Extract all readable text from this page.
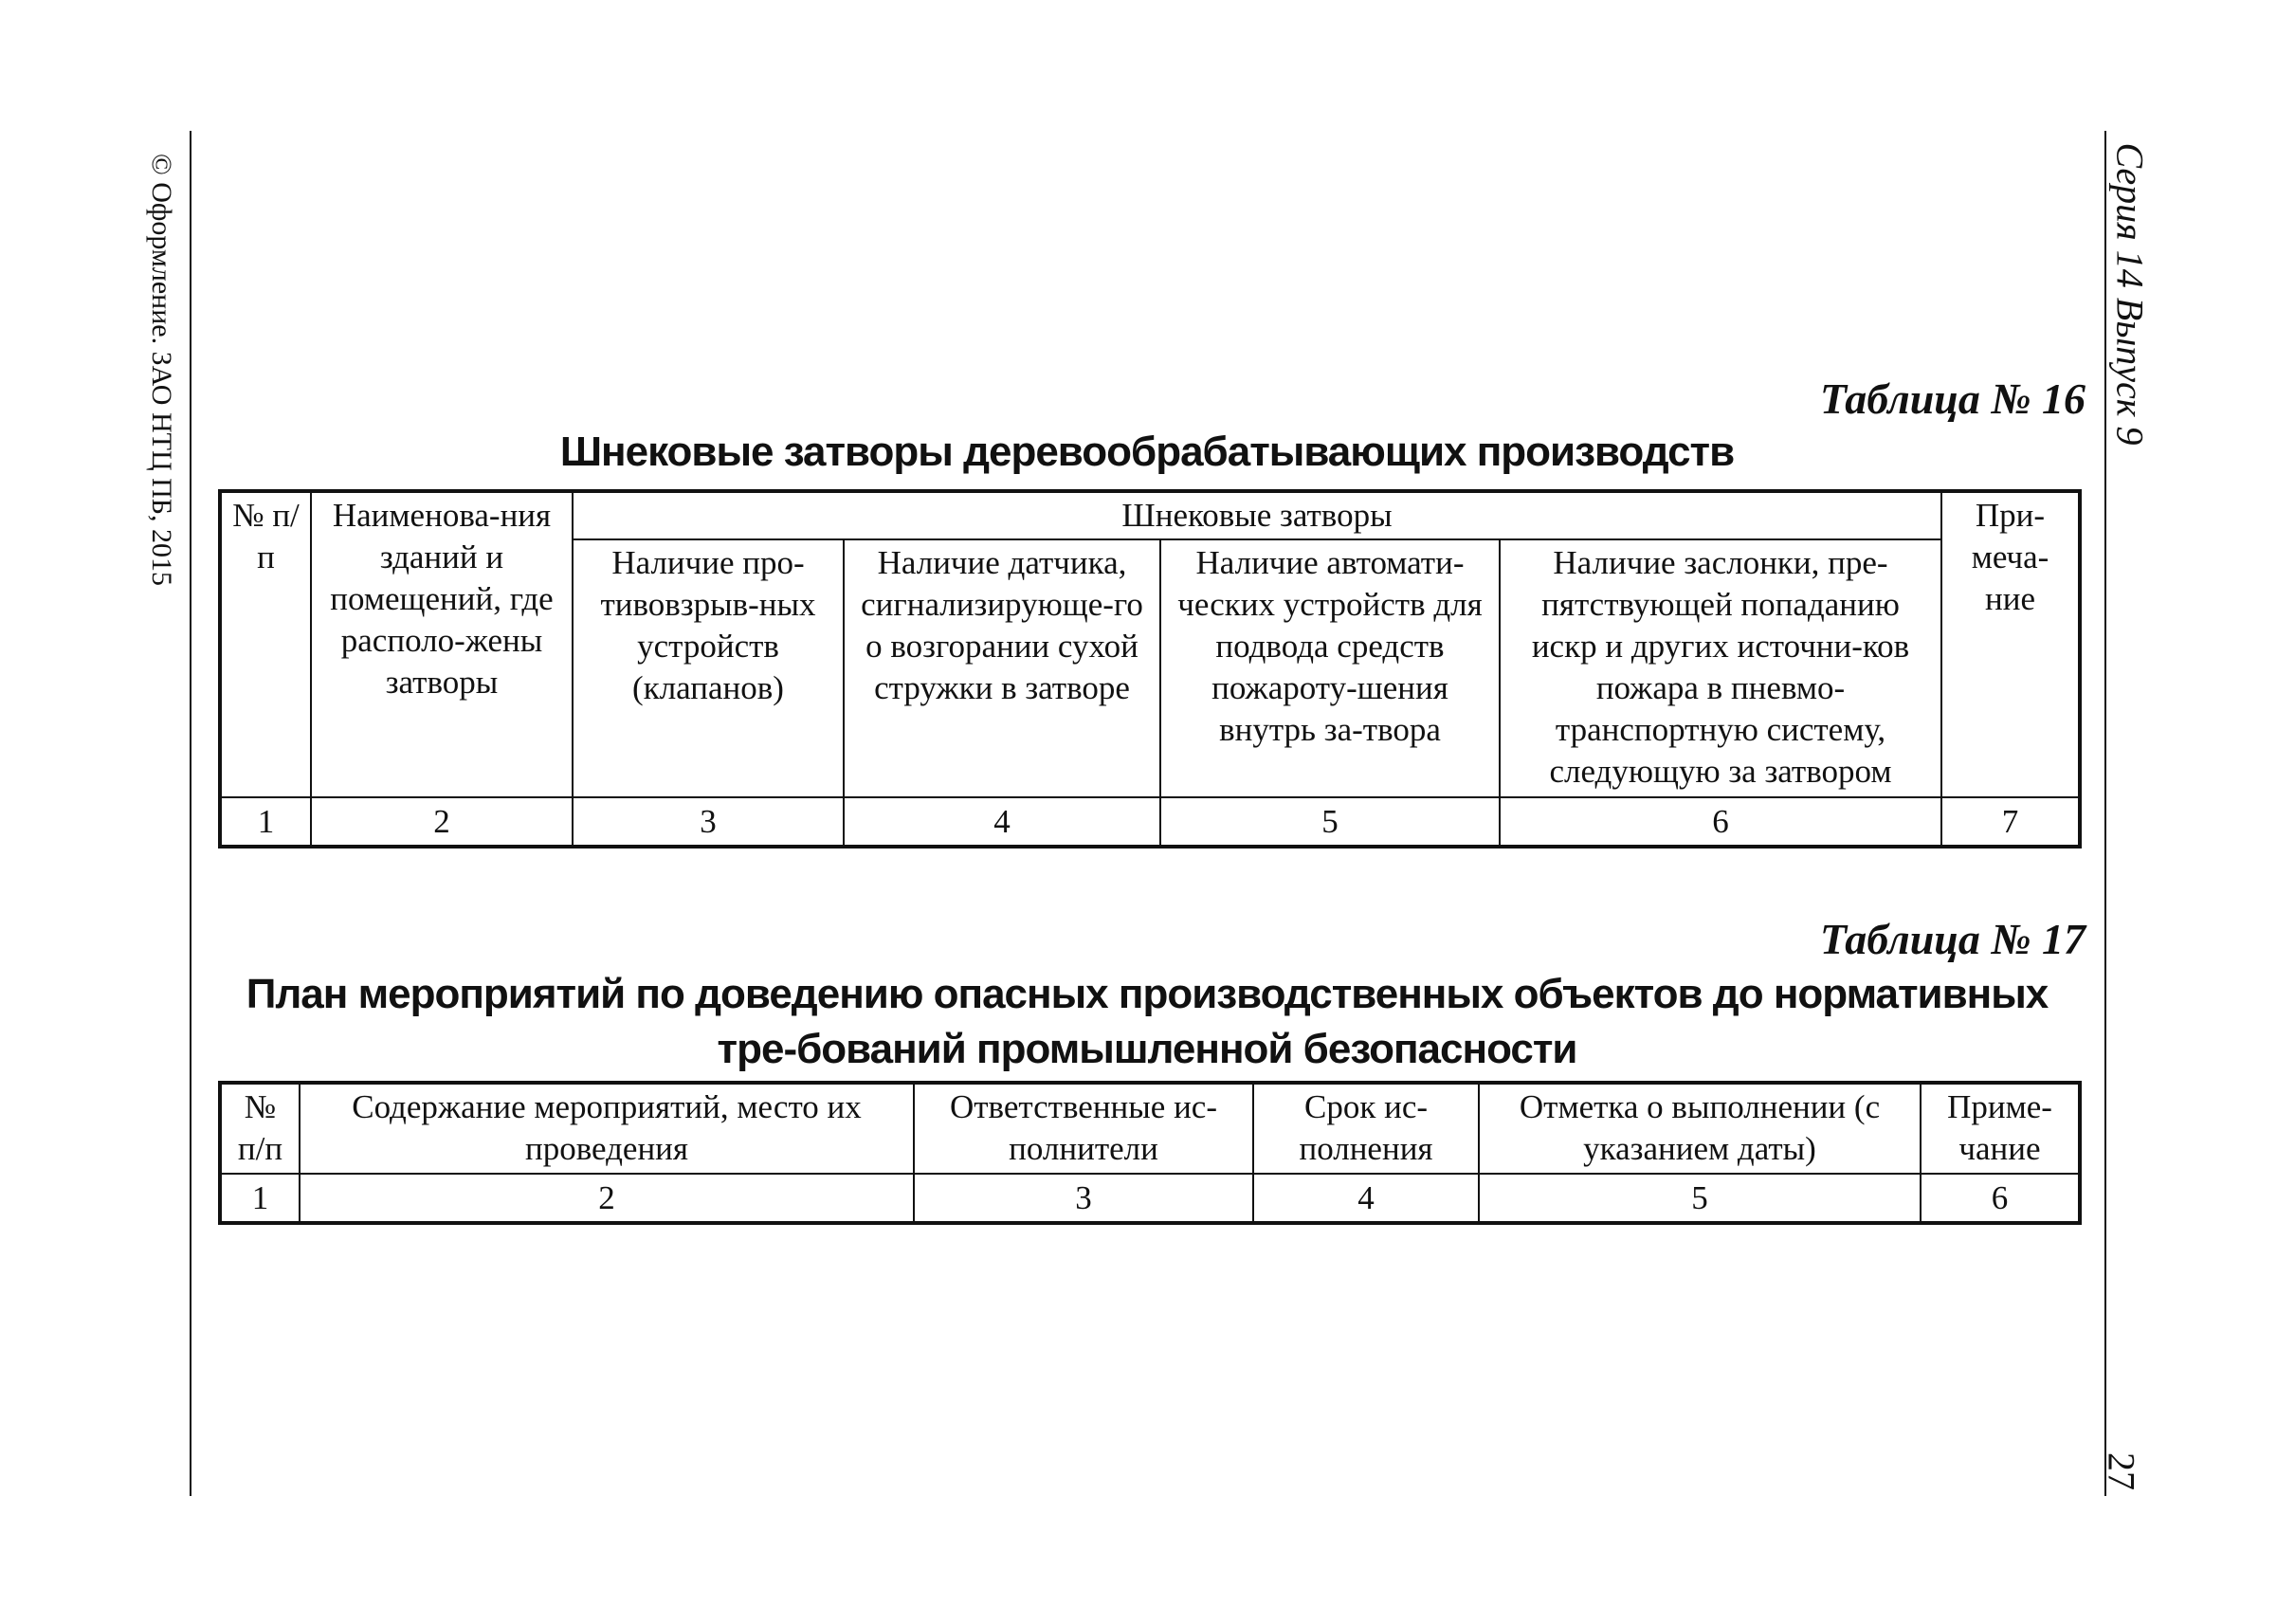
© Оформление. ЗАО НТЦ ПБ, 2015	Серия 14 Выпуск 9
27
Таблица № 16
Шнековые затворы деревообрабатывающих производств
№ п/п	Наименова-ния зданий и помещений, где располо-жены затворы	Шнековые затворы				При-меча-ние
		Наличие про-тивовзрыв-ных устройств (клапанов)	Наличие датчика, сигнализирующе-го о возгорании сухой стружки в затворе	Наличие автомати-ческих устройств для подвода средств пожароту-шения внутрь за-твора	Наличие заслонки, пре-пятствующей попаданию искр и других источни-ков пожара в пневмо-транспортную систему, следующую за затвором	
1	2	3	4	5	6	7
Таблица № 17
План мероприятий по доведению опасных производственных объектов до нормативных тре-бований промышленной безопасности
№ п/п	Содержание мероприятий, место их проведения	Ответственные ис-полнители	Срок ис-полнения	Отметка о выполнении (с указанием даты)	Приме-чание
1	2	3	4	5	6
